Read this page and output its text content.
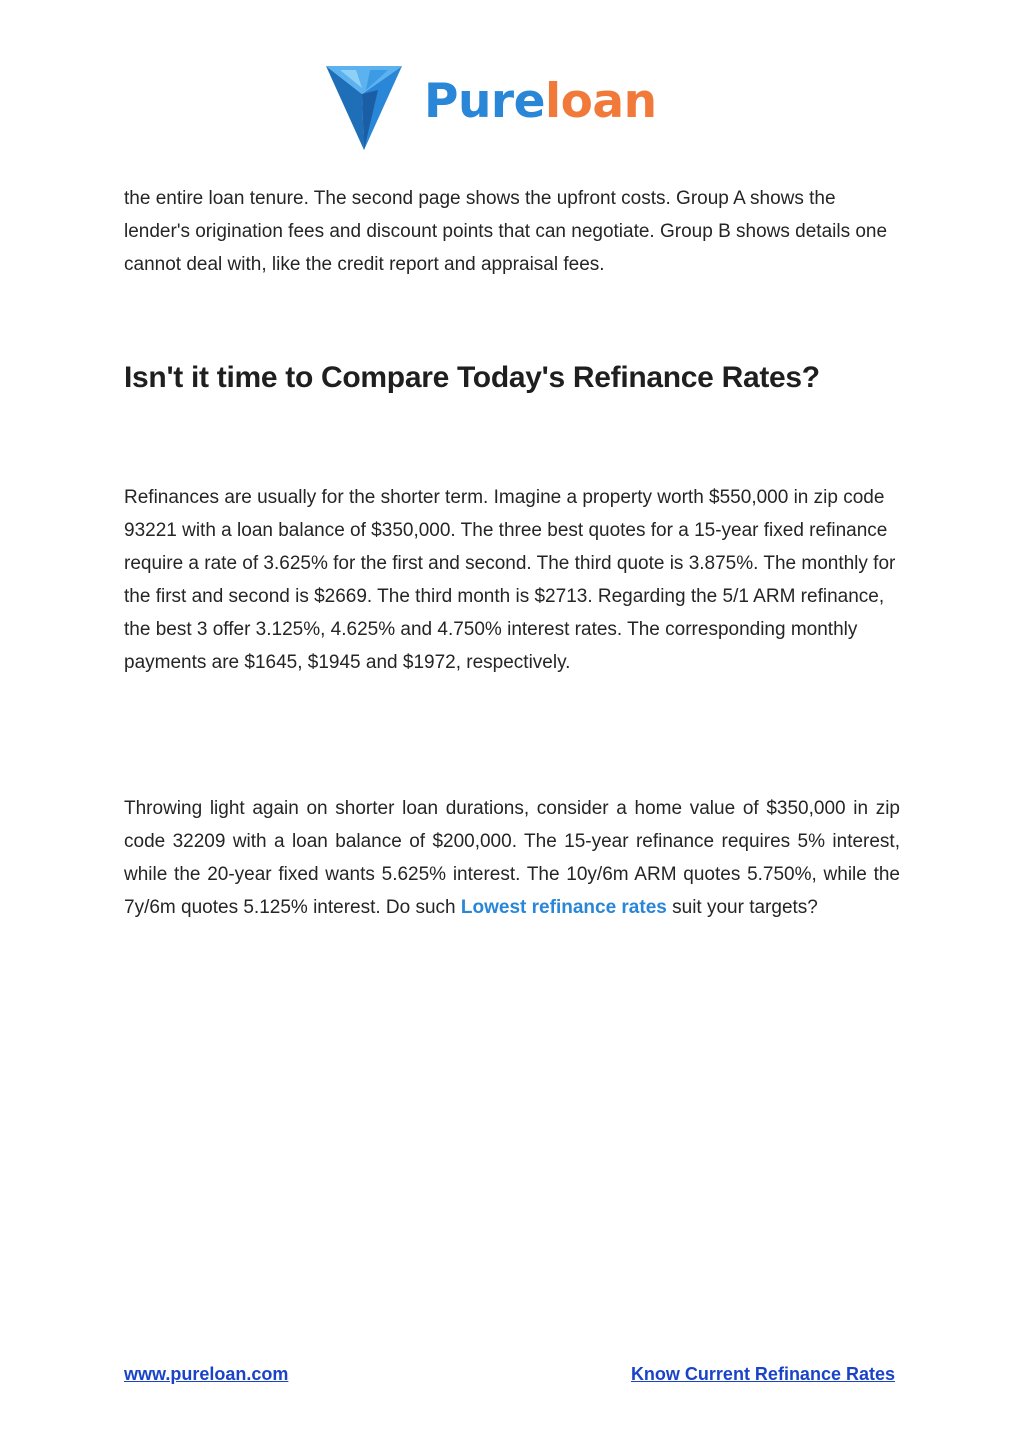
Pureloan
the entire loan tenure. The second page shows the upfront costs. Group A shows the lender's origination fees and discount points that can negotiate. Group B shows details one cannot deal with, like the credit report and appraisal fees.
Isn't it time to Compare Today's Refinance Rates?
Refinances are usually for the shorter term. Imagine a property worth $550,000 in zip code 93221 with a loan balance of $350,000. The three best quotes for a 15-year fixed refinance require a rate of 3.625% for the first and second. The third quote is 3.875%. The monthly for the first and second is $2669. The third month is $2713. Regarding the 5/1 ARM refinance, the best 3 offer 3.125%, 4.625% and 4.750% interest rates. The corresponding monthly payments are $1645, $1945 and $1972, respectively.
Throwing light again on shorter loan durations, consider a home value of $350,000 in zip code 32209 with a loan balance of $200,000. The 15-year refinance requires 5% interest, while the 20-year fixed wants 5.625% interest. The 10y/6m ARM quotes 5.750%, while the 7y/6m quotes 5.125% interest. Do such Lowest refinance rates suit your targets?
www.pureloan.com	Know Current Refinance Rates
